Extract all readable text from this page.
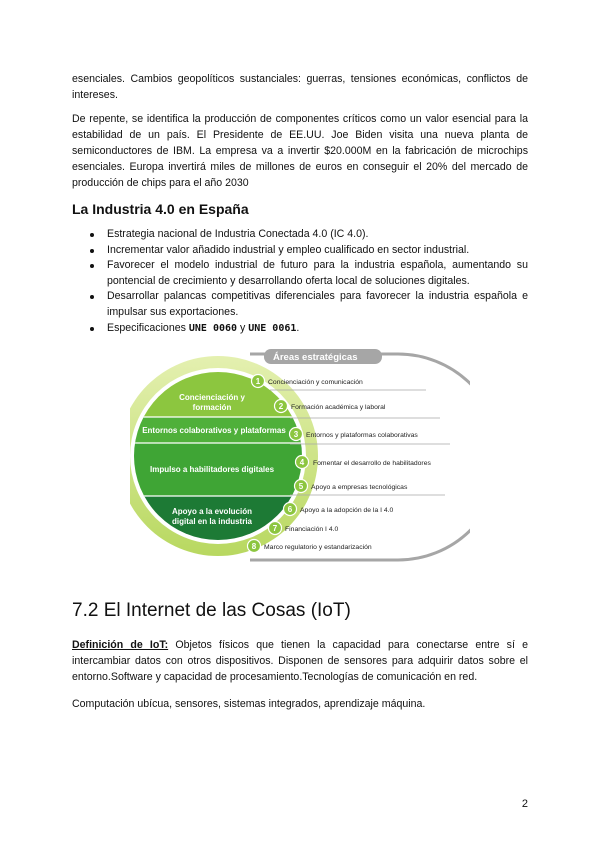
esenciales. Cambios geopolíticos sustanciales: guerras, tensiones económicas, conflictos de intereses.

De repente, se identifica la producción de componentes críticos como un valor esencial para la estabilidad de un país. El Presidente de EE.UU. Joe Biden visita una nueva planta de semiconductores de IBM. La empresa va a invertir $20.000M en la fabricación de microchips esenciales. Europa invertirá miles de millones de euros en conseguir el 20% del mercado de producción de chips para el año 2030

La Industria 4.0 en España
Estrategia nacional de Industria Conectada 4.0 (IC 4.0).
Incrementar valor añadido industrial y empleo cualificado en sector industrial.
Favorecer el modelo industrial de futuro para la industria española, aumentando su pontencial de crecimiento y desarrollando oferta local de soluciones digitales.
Desarrollar palancas competitivas diferenciales para favorecer la industria española e impulsar sus exportaciones.
Especificaciones UNE 0060 y UNE 0061.
Áreas estratégicas
Concienciación y
formación
Entornos colaborativos y plataformas
Impulso a habilitadores digitales
Apoyo a la evolución
digital en la industria
1
2
3
4
5
6
7
8
Concienciación y comunicación
Formación académica y laboral
Entornos y plataformas colaborativas
Fomentar el desarrollo de habilitadores
Apoyo a empresas tecnológicas
Apoyo a la adopción de la I 4.0
Financiación I 4.0
Marco regulatorio y estandarización
7.2 El Internet de las Cosas (IoT)

Definición de IoT: Objetos físicos que tienen la capacidad para conectarse entre sí e intercambiar datos con otros dispositivos. Disponen de sensores para adquirir datos sobre el entorno.Software y capacidad de procesamiento.Tecnologías de comunicación en red.

Computación ubícua, sensores, sistemas integrados, aprendizaje máquina.

2
